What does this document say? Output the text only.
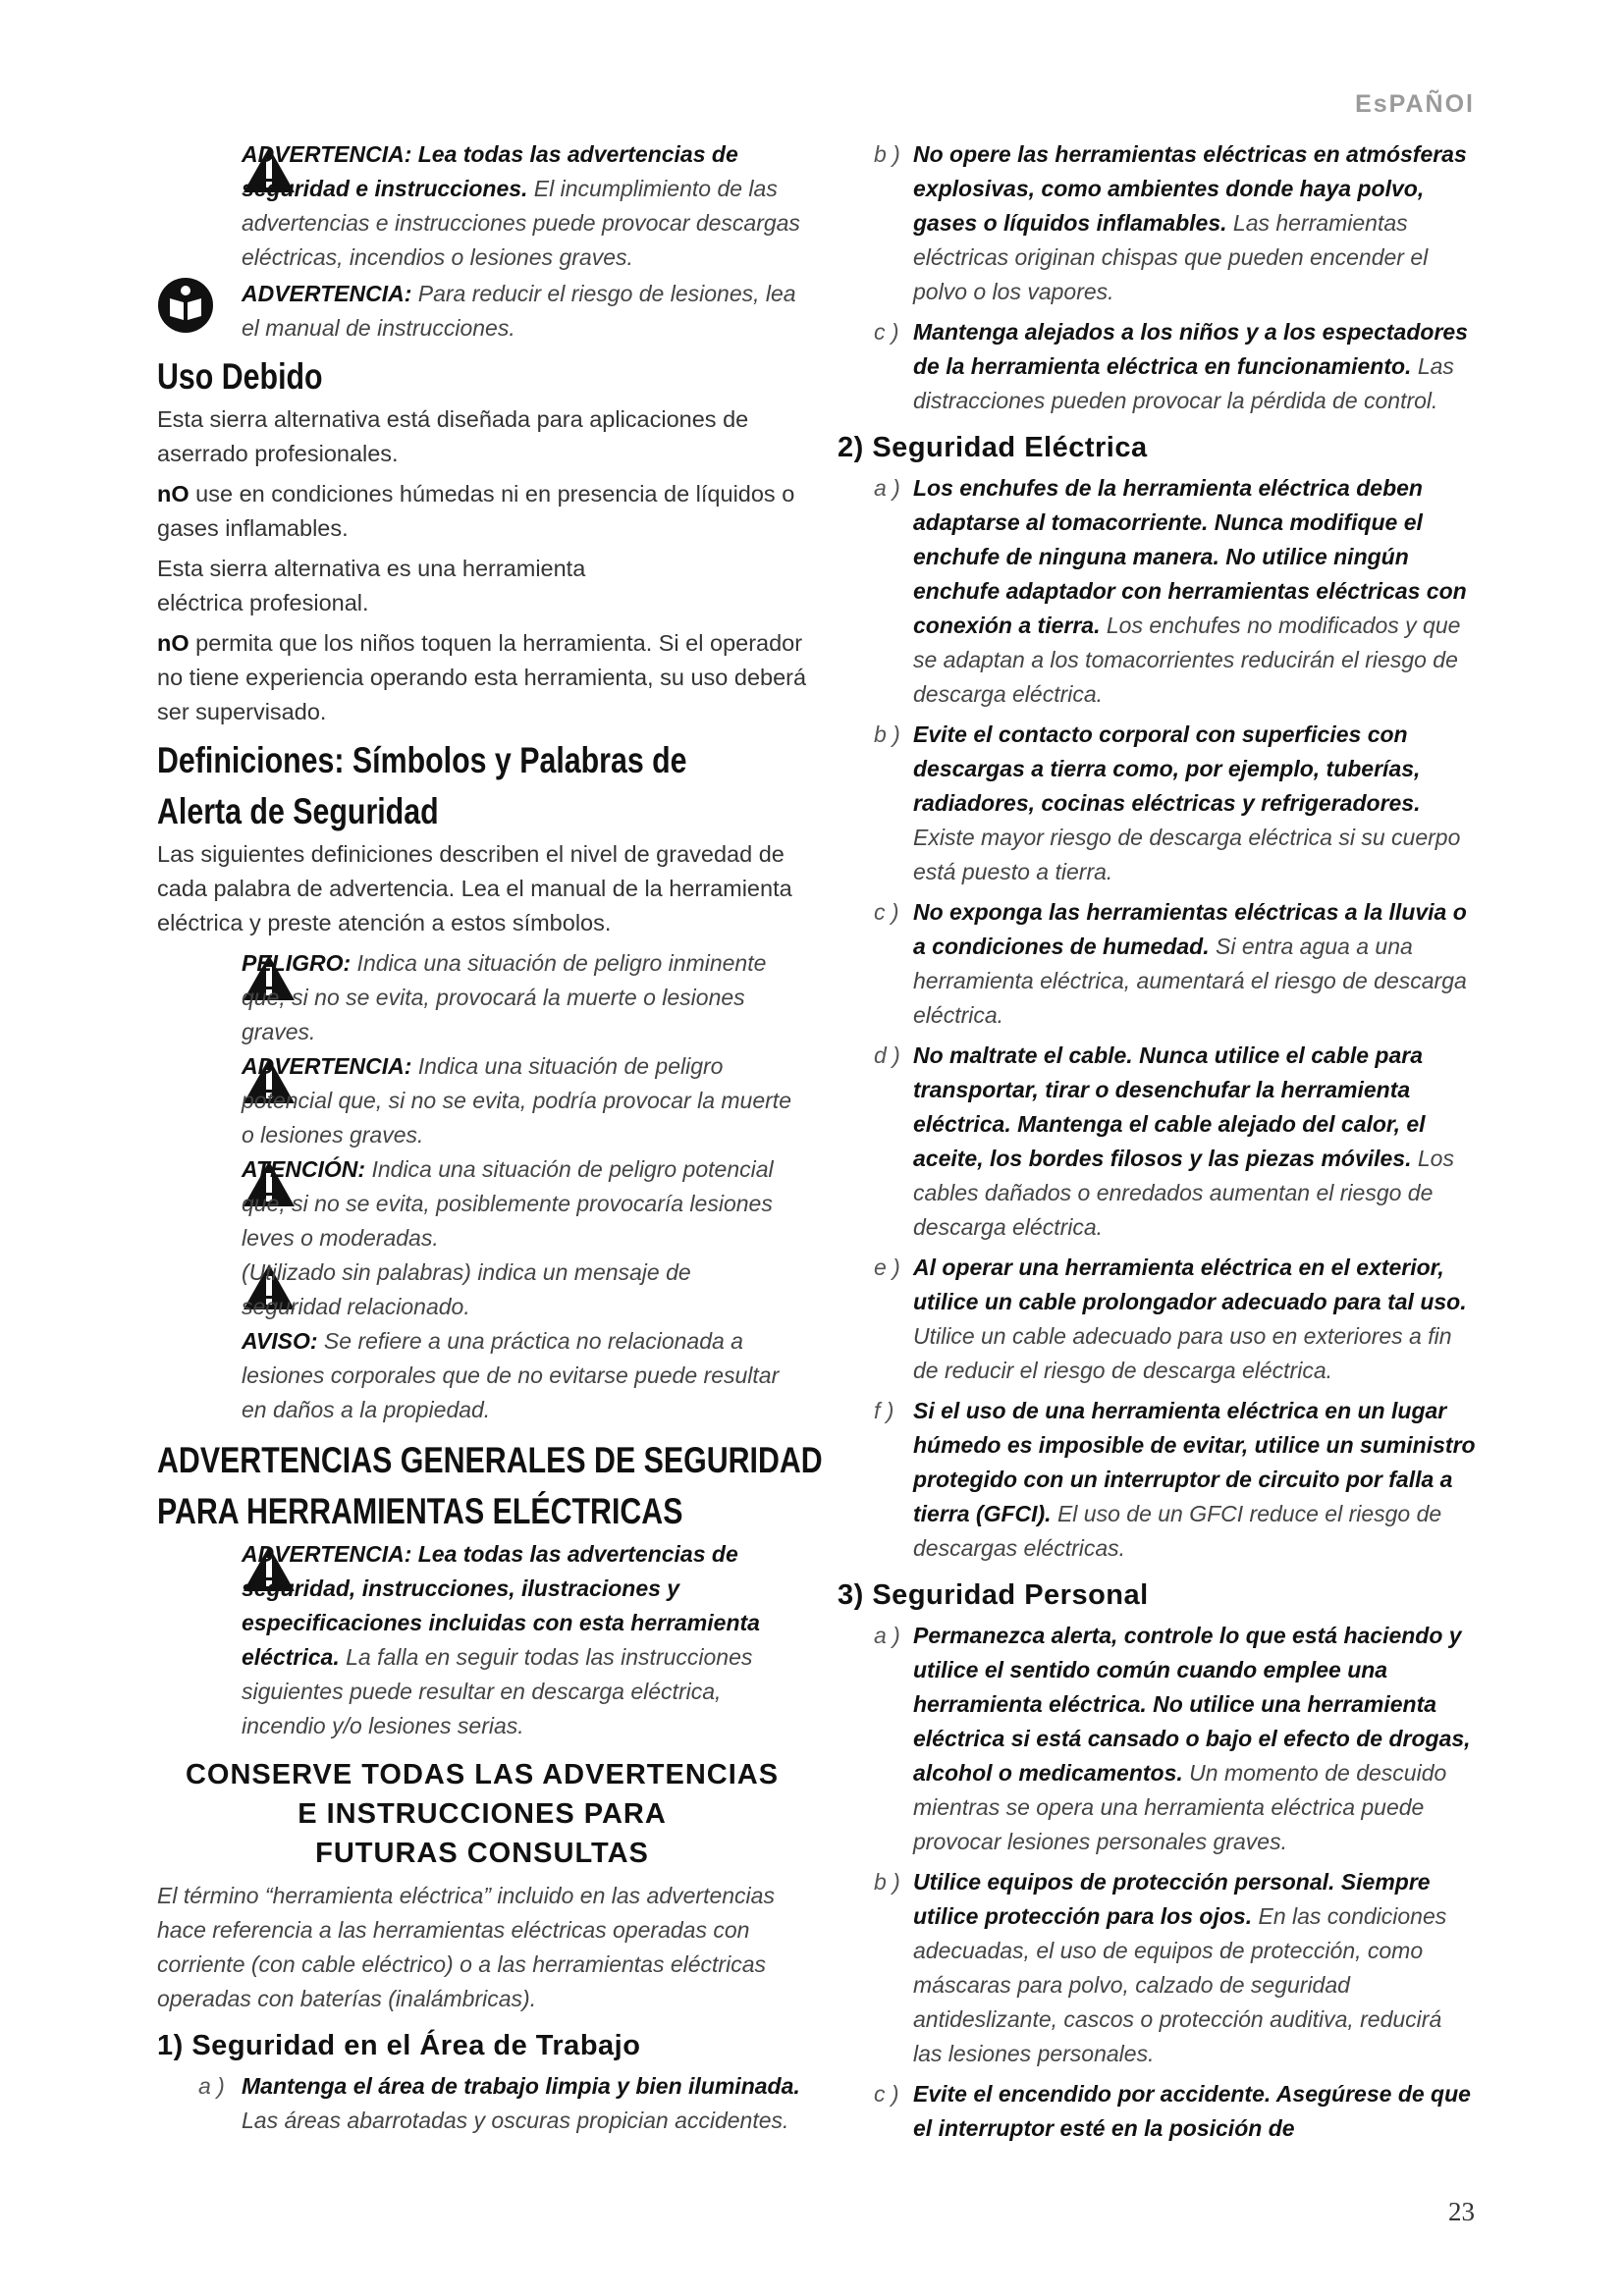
EsPAÑOl

ADVERTENCIA: Lea todas las advertencias de seguridad e instrucciones. El incumplimiento de las advertencias e instrucciones puede provocar descargas eléctricas, incendios o lesiones graves.

ADVERTENCIA: Para reducir el riesgo de lesiones, lea el manual de instrucciones.

Uso Debido

Esta sierra alternativa está diseñada para aplicaciones de aserrado profesionales.

nO use en condiciones húmedas ni en presencia de líquidos o gases inflamables.

Esta sierra alternativa es una herramienta eléctrica profesional.

nO permita que los niños toquen la herramienta. Si el operador no tiene experiencia operando esta herramienta, su uso deberá ser supervisado.

Definiciones: Símbolos y Palabras de
Alerta de Seguridad

Las siguientes definiciones describen el nivel de gravedad de cada palabra de advertencia. Lea el manual de la herramienta eléctrica y preste atención a estos símbolos.

PELIGRO: Indica una situación de peligro inminente que, si no se evita, provocará la muerte o lesiones graves.

ADVERTENCIA: Indica una situación de peligro potencial que, si no se evita, podría provocar la muerte o lesiones graves.

ATENCIÓN: Indica una situación de peligro potencial que, si no se evita, posiblemente provocaría lesiones leves o moderadas.

(Utilizado sin palabras) indica un mensaje de seguridad relacionado.

AVISO: Se refiere a una práctica no relacionada a lesiones corporales que de no evitarse puede resultar en daños a la propiedad.

ADVERTENCIAS GENERALES DE SEGURIDAD
PARA HERRAMIENTAS ELÉCTRICAS

ADVERTENCIA: Lea todas las advertencias de seguridad, instrucciones, ilustraciones y especificaciones incluidas con esta herramienta eléctrica. La falla en seguir todas las instrucciones siguientes puede resultar en descarga eléctrica, incendio y/o lesiones serias.

CONSERVE TODAS LAS ADVERTENCIAS
E INSTRUCCIONES PARA
FUTURAS CONSULTAS

El término “herramienta eléctrica” incluido en las advertencias hace referencia a las herramientas eléctricas operadas con corriente (con cable eléctrico) o a las herramientas eléctricas operadas con baterías (inalámbricas).

1) Seguridad en el Área de Trabajo

a ) Mantenga el área de trabajo limpia y bien iluminada. Las áreas abarrotadas y oscuras propician accidentes.

b ) No opere las herramientas eléctricas en atmósferas explosivas, como ambientes donde haya polvo, gases o líquidos inflamables. Las herramientas eléctricas originan chispas que pueden encender el polvo o los vapores.

c ) Mantenga alejados a los niños y a los espectadores de la herramienta eléctrica en funcionamiento. Las distracciones pueden provocar la pérdida de control.

2) Seguridad Eléctrica

a ) Los enchufes de la herramienta eléctrica deben adaptarse al tomacorriente. Nunca modifique el enchufe de ninguna manera. No utilice ningún enchufe adaptador con herramientas eléctricas con conexión a tierra. Los enchufes no modificados y que se adaptan a los tomacorrientes reducirán el riesgo de descarga eléctrica.

b ) Evite el contacto corporal con superficies con descargas a tierra como, por ejemplo, tuberías, radiadores, cocinas eléctricas y refrigeradores. Existe mayor riesgo de descarga eléctrica si su cuerpo está puesto a tierra.

c ) No exponga las herramientas eléctricas a la lluvia o a condiciones de humedad. Si entra agua a una herramienta eléctrica, aumentará el riesgo de descarga eléctrica.

d ) No maltrate el cable. Nunca utilice el cable para transportar, tirar o desenchufar la herramienta eléctrica. Mantenga el cable alejado del calor, el aceite, los bordes filosos y las piezas móviles. Los cables dañados o enredados aumentan el riesgo de descarga eléctrica.

e ) Al operar una herramienta eléctrica en el exterior, utilice un cable prolongador adecuado para tal uso. Utilice un cable adecuado para uso en exteriores a fin de reducir el riesgo de descarga eléctrica.

f ) Si el uso de una herramienta eléctrica en un lugar húmedo es imposible de evitar, utilice un suministro protegido con un interruptor de circuito por falla a tierra (GFCI). El uso de un GFCI reduce el riesgo de descargas eléctricas.

3) Seguridad Personal

a ) Permanezca alerta, controle lo que está haciendo y utilice el sentido común cuando emplee una herramienta eléctrica. No utilice una herramienta eléctrica si está cansado o bajo el efecto de drogas, alcohol o medicamentos. Un momento de descuido mientras se opera una herramienta eléctrica puede provocar lesiones personales graves.

b ) Utilice equipos de protección personal. Siempre utilice protección para los ojos. En las condiciones adecuadas, el uso de equipos de protección, como máscaras para polvo, calzado de seguridad antideslizante, cascos o protección auditiva, reducirá las lesiones personales.

c ) Evite el encendido por accidente. Asegúrese de que el interruptor esté en la posición de

23
